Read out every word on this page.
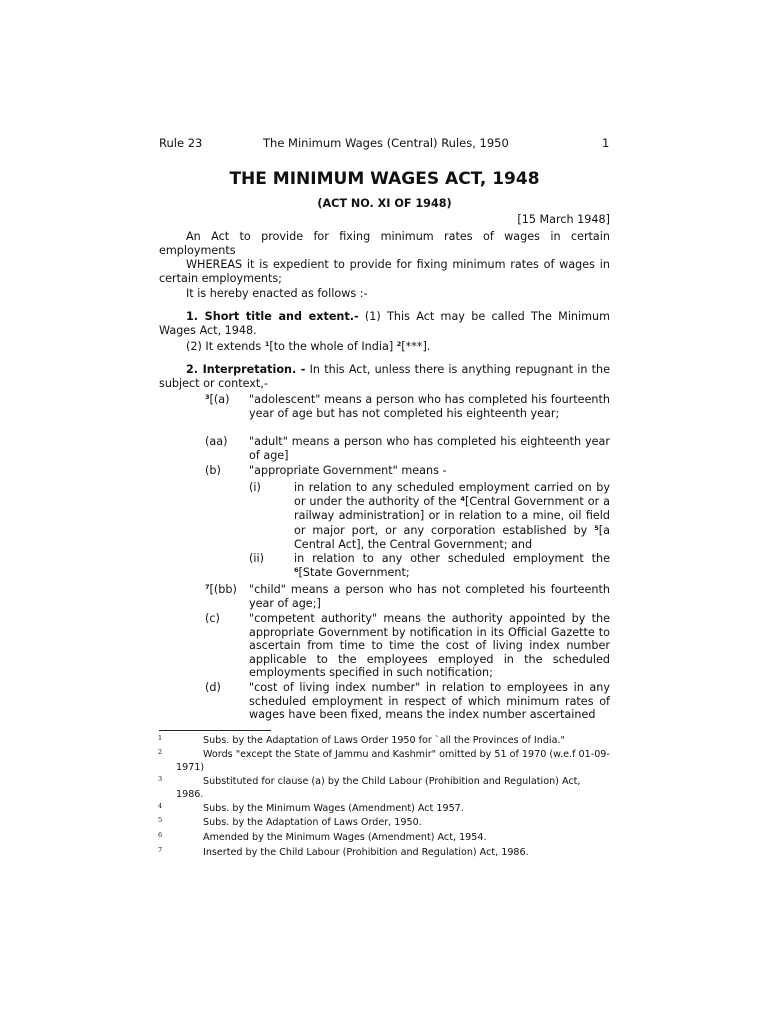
Rule 23	The Minimum Wages (Central) Rules, 1950	1
THE MINIMUM WAGES ACT, 1948
(ACT NO. XI OF 1948)
[15 March 1948]
An Act to provide for fixing minimum rates of wages in certain employments
WHEREAS it is expedient to provide for fixing minimum rates of wages in certain employments;
It is hereby enacted as follows :-
1. Short title and extent.- (1) This Act may be called The Minimum Wages Act, 1948.
(2) It extends $^1$[to the whole of India] $^2$[***].
2. Interpretation. - In this Act, unless there is anything repugnant in the subject or context,-
$^3$[(a) "adolescent" means a person who has completed his fourteenth year of age but has not completed his eighteenth year;
(aa) "adult" means a person who has completed his eighteenth year of age]
(b)	"appropriate Government" means -
(i)	in relation to any scheduled employment carried on by or under the authority of the $^4$[Central Government or a railway administration] or in relation to a mine, oil field or major port, or any corporation established by $^5$[a Central Act], the Central Government; and
(ii)	in relation to any other scheduled employment the $^6$[State Government;
$^7$[(bb) "child" means a person who has not completed his fourteenth year of age;]
(c)	"competent authority" means the authority appointed by the appropriate Government by notification in its Official Gazette to ascertain from time to time the cost of living index number applicable to the employees employed in the scheduled employments specified in such notification;
(d)	"cost of living index number" in relation to employees in any scheduled employment in respect of which minimum rates of wages have been fixed, means the index number ascertained
1	Subs. by the Adaptation of Laws Order 1950 for `all the Provinces of India."
2	Words "except the State of Jammu and Kashmir" omitted by 51 of 1970 (w.e.f 01-09-1971)
3	Substituted for clause (a) by the Child Labour (Prohibition and Regulation) Act, 1986.
4	Subs. by the Minimum Wages (Amendment) Act 1957.
5	Subs. by the Adaptation of Laws Order, 1950.
6	Amended by the Minimum Wages (Amendment) Act, 1954.
7	Inserted by the Child Labour (Prohibition and Regulation) Act, 1986.
